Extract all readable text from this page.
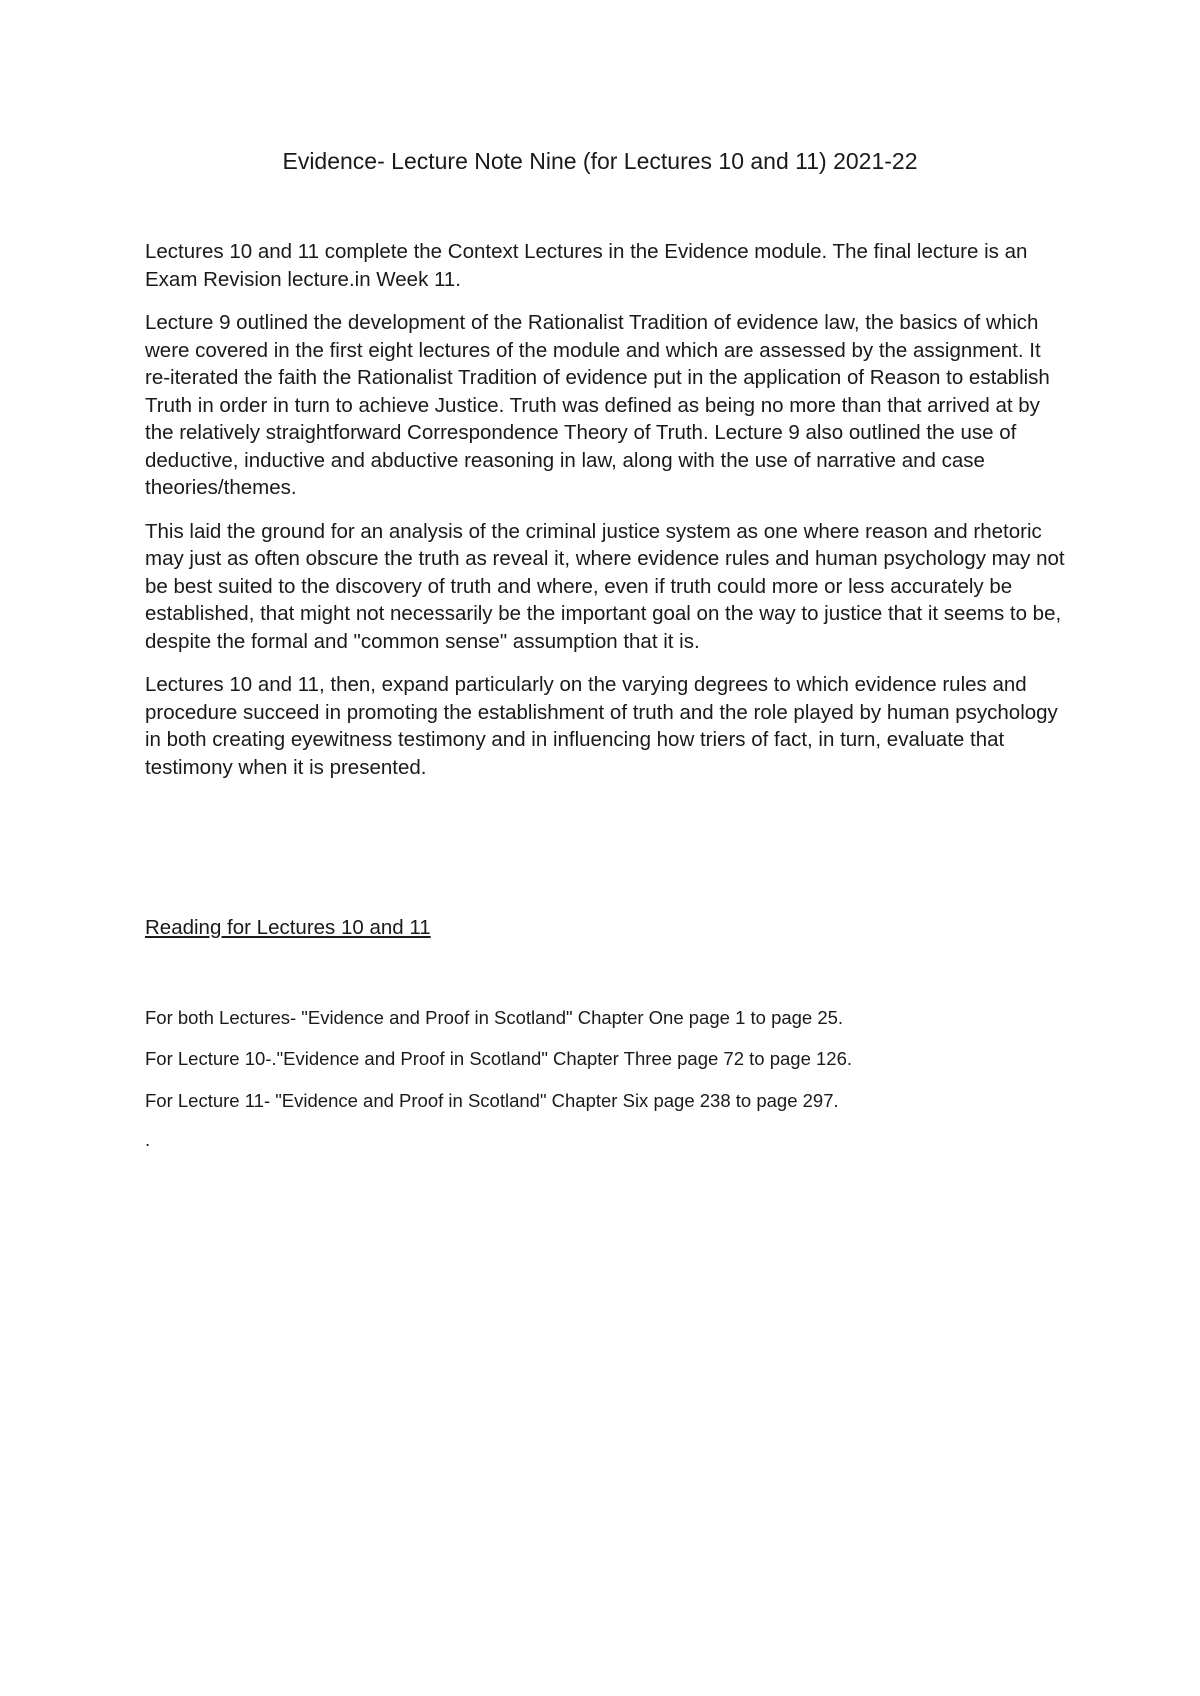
Evidence- Lecture Note Nine (for Lectures 10 and 11) 2021-22

Lectures 10 and 11 complete the Context Lectures in the Evidence module. The final lecture is an Exam Revision lecture.in Week 11.

Lecture 9 outlined the development of the Rationalist Tradition of evidence law, the basics of which were covered in the first eight lectures of the module and which are assessed by the assignment. It re-iterated the faith the Rationalist Tradition of evidence put in the application of Reason to establish Truth in order in turn to achieve Justice. Truth was defined as being no more than that arrived at by the relatively straightforward Correspondence Theory of Truth. Lecture 9 also outlined the use of deductive, inductive and abductive reasoning in law, along with the use of narrative and case theories/themes.

This laid the ground for an analysis of the criminal justice system as one where reason and rhetoric may just as often obscure the truth as reveal it, where evidence rules and human psychology may not be best suited to the discovery of truth and where, even if truth could more or less accurately be established, that might not necessarily be the important goal on the way to justice that it seems to be, despite the formal and "common sense" assumption that it is.

Lectures 10 and 11, then, expand particularly on the varying degrees to which evidence rules and procedure succeed in promoting the establishment of truth and the role played by human psychology in both creating eyewitness testimony and in influencing how triers of fact, in turn, evaluate that testimony when it is presented.

Reading for Lectures 10 and 11

For both Lectures- "Evidence and Proof in Scotland" Chapter One page 1 to page 25.

For Lecture 10-."Evidence and Proof in Scotland" Chapter Three page 72 to page 126.

For Lecture 11- "Evidence and Proof in Scotland" Chapter Six page 238 to page 297.

.
